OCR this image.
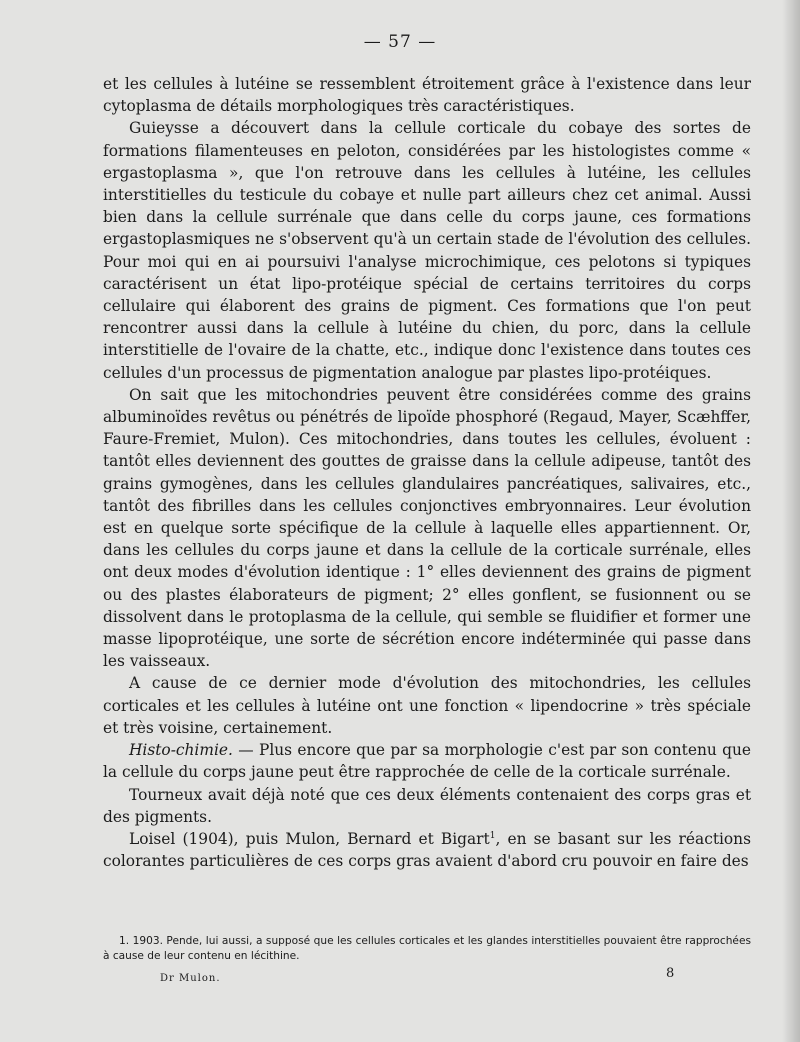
— 57 —

et les cellules à lutéine se ressemblent étroitement grâce à l'existence dans leur cytoplasma de détails morphologiques très caractéristiques.

Guieysse a découvert dans la cellule corticale du cobaye des sortes de formations filamenteuses en peloton, considérées par les histologistes comme « ergastoplasma », que l'on retrouve dans les cellules à lutéine, les cellules interstitielles du testicule du cobaye et nulle part ailleurs chez cet animal. Aussi bien dans la cellule surrénale que dans celle du corps jaune, ces formations ergastoplasmiques ne s'observent qu'à un certain stade de l'évolution des cellules. Pour moi qui en ai poursuivi l'analyse microchimique, ces pelotons si typiques caractérisent un état lipo-protéique spécial de certains territoires du corps cellulaire qui élaborent des grains de pigment. Ces formations que l'on peut rencontrer aussi dans la cellule à lutéine du chien, du porc, dans la cellule interstitielle de l'ovaire de la chatte, etc., indique donc l'existence dans toutes ces cellules d'un processus de pigmentation analogue par plastes lipo-protéiques.

On sait que les mitochondries peuvent être considérées comme des grains albuminoïdes revêtus ou pénétrés de lipoïde phosphoré (Regaud, Mayer, Scæhffer, Faure-Fremiet, Mulon). Ces mitochondries, dans toutes les cellules, évoluent : tantôt elles deviennent des gouttes de graisse dans la cellule adipeuse, tantôt des grains gymogènes, dans les cellules glandulaires pancréatiques, salivaires, etc., tantôt des fibrilles dans les cellules conjonctives embryonnaires. Leur évolution est en quelque sorte spécifique de la cellule à laquelle elles appartiennent. Or, dans les cellules du corps jaune et dans la cellule de la corticale surrénale, elles ont deux modes d'évolution identique : 1° elles deviennent des grains de pigment ou des plastes élaborateurs de pigment; 2° elles gonflent, se fusionnent ou se dissolvent dans le protoplasma de la cellule, qui semble se fluidifier et former une masse lipoprotéique, une sorte de sécrétion encore indéterminée qui passe dans les vaisseaux.

A cause de ce dernier mode d'évolution des mitochondries, les cellules corticales et les cellules à lutéine ont une fonction « lipendocrine » très spéciale et très voisine, certainement.

Histo-chimie. — Plus encore que par sa morphologie c'est par son contenu que la cellule du corps jaune peut être rapprochée de celle de la corticale surrénale.

Tourneux avait déjà noté que ces deux éléments contenaient des corps gras et des pigments.

Loisel (1904), puis Mulon, Bernard et Bigart$^1$, en se basant sur les réactions colorantes particulières de ces corps gras avaient d'abord cru pouvoir en faire des

1. 1903. Pende, lui aussi, a supposé que les cellules corticales et les glandes interstitielles pouvaient être rapprochées à cause de leur contenu en lécithine.
Dr Mulon.	8
